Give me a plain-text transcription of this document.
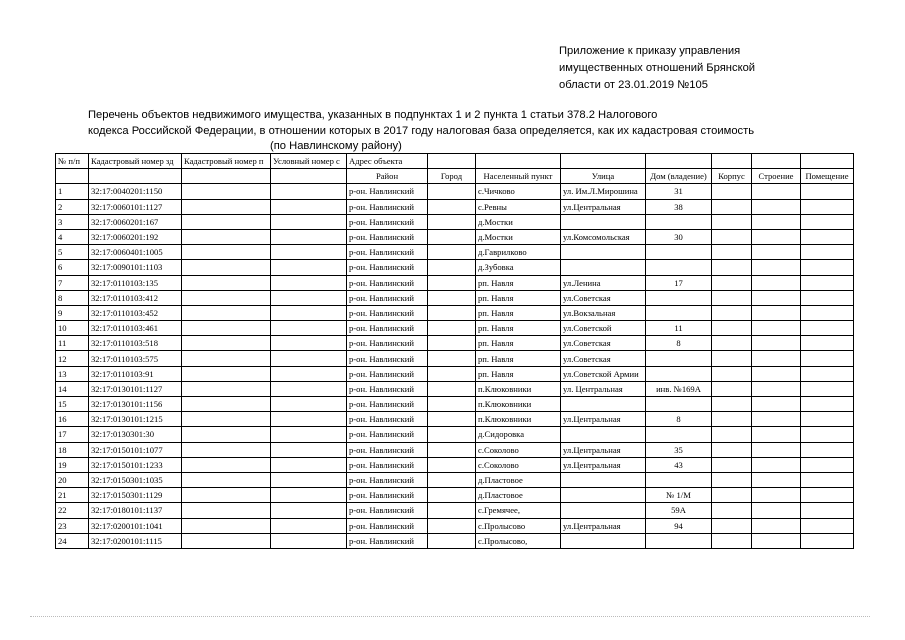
Приложение к приказу управления
имущественных отношений Брянской
области от 23.01.2019 №105
Перечень объектов недвижимого имущества, указанных в подпунктах 1 и 2 пункта 1 статьи 378.2 Налогового
кодекса Российской Федерации, в отношении которых в 2017 году налоговая база определяется, как их кадастровая стоимость
(по Навлинскому району)
№ п/п	Кадастровый номер зд	Кадастровый номер п	Условный номер с	Адрес объекта							
				Район	Город	Населенный пункт	Улица	Дом (владение)	Корпус	Строение	Помещение
1	32:17:0040201:1150			р-он. Навлинский		с.Чичково	ул. Им.Л.Мирошина	31			
2	32:17:0060101:1127			р-он. Навлинский		с.Ревны	ул.Центральная	38			
3	32:17:0060201:167			р-он. Навлинский		д.Мостки					
4	32:17:0060201:192			р-он. Навлинский		д.Мостки	ул.Комсомольская	30			
5	32:17:0060401:1005			р-он. Навлинский		д.Гаврилково					
6	32:17:0090101:1103			р-он. Навлинский		д.Зубовка					
7	32:17:0110103:135			р-он. Навлинский		рп. Навля	ул.Ленина	17			
8	32:17:0110103:412			р-он. Навлинский		рп. Навля	ул.Советская				
9	32:17:0110103:452			р-он. Навлинский		рп. Навля	ул.Вокзальная				
10	32:17:0110103:461			р-он. Навлинский		рп. Навля	ул.Советской	11			
11	32:17:0110103:518			р-он. Навлинский		рп. Навля	ул.Советская	8			
12	32:17:0110103:575			р-он. Навлинский		рп. Навля	ул.Советская				
13	32:17:0110103:91			р-он. Навлинский		рп. Навля	ул.Советской Армии				
14	32:17:0130101:1127			р-он. Навлинский		п.Клюковники	ул. Центральная	инв. №169А			
15	32:17:0130101:1156			р-он. Навлинский		п.Клюковники					
16	32:17:0130101:1215			р-он. Навлинский		п.Клюковники	ул.Центральная	8			
17	32:17:0130301:30			р-он. Навлинский		д.Сидоровка					
18	32:17:0150101:1077			р-он. Навлинский		с.Соколово	ул.Центральная	35			
19	32:17:0150101:1233			р-он. Навлинский		с.Соколово	ул.Центральная	43			
20	32:17:0150301:1035			р-он. Навлинский		д.Пластовое					
21	32:17:0150301:1129			р-он. Навлинский		д.Пластовое		№ 1/М			
22	32:17:0180101:1137			р-он. Навлинский		с.Гремячее,		59А			
23	32:17:0200101:1041			р-он. Навлинский		с.Пролысово	ул.Центральная	94			
24	32:17:0200101:1115			р-он. Навлинский		с.Пролысово,					
